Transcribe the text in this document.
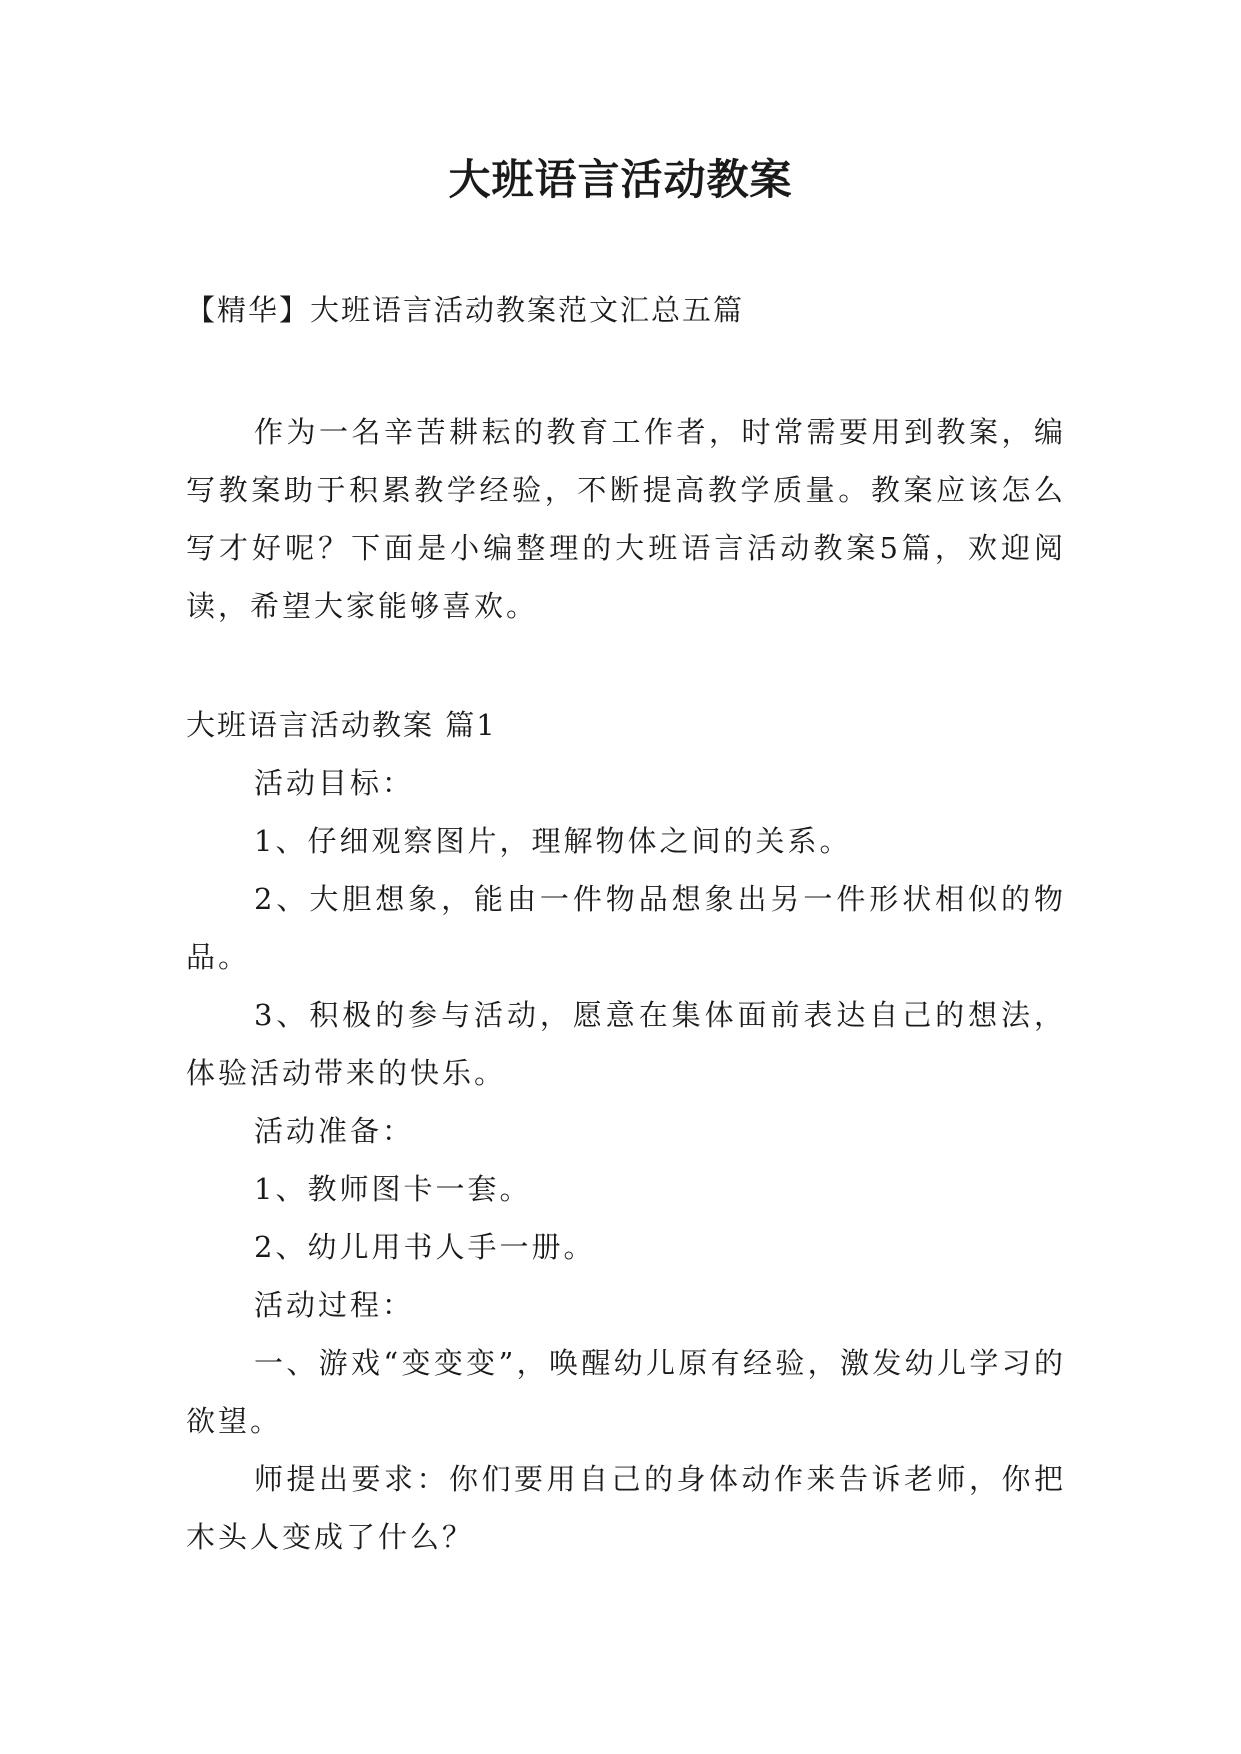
大班语言活动教案
【精华】大班语言活动教案范文汇总五篇
作为一名辛苦耕耘的教育工作者，时常需要用到教案，编写教案助于积累教学经验，不断提高教学质量。教案应该怎么写才好呢？下面是小编整理的大班语言活动教案5篇，欢迎阅读，希望大家能够喜欢。
大班语言活动教案 篇1
活动目标：
1、仔细观察图片，理解物体之间的关系。
2、大胆想象，能由一件物品想象出另一件形状相似的物品。
3、积极的参与活动，愿意在集体面前表达自己的想法，体验活动带来的快乐。
活动准备：
1、教师图卡一套。
2、幼儿用书人手一册。
活动过程：
一、游戏“变变变”，唤醒幼儿原有经验，激发幼儿学习的欲望。
师提出要求：你们要用自己的身体动作来告诉老师，你把木头人变成了什么？
